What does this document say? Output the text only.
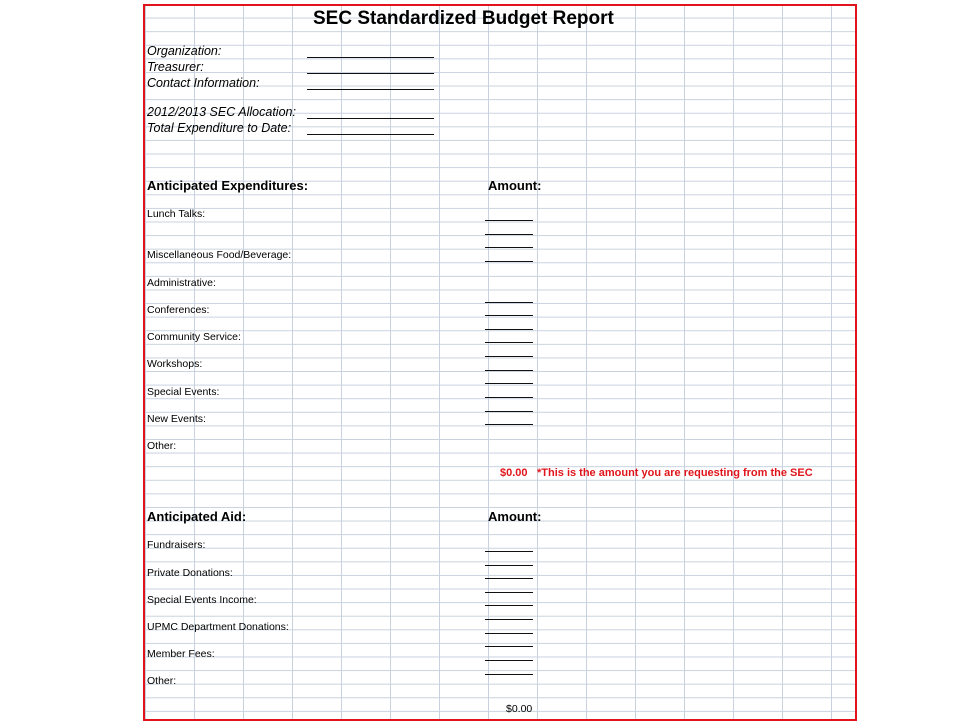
SEC Standardized Budget Report
Organization:
Treasurer:
Contact Information:
2012/2013 SEC Allocation:
Total Expenditure to Date:
Anticipated Expenditures:	Amount:
Lunch Talks:
Miscellaneous Food/Beverage:
Administrative:
Conferences:
Community Service:
Workshops:
Special Events:
New Events:
Other:
$0.00 *This is the amount you are requesting from the SEC
Anticipated Aid:	Amount:
Fundraisers:
Private Donations:
Special Events Income:
UPMC Department Donations:
Member Fees:
Other:
$0.00
